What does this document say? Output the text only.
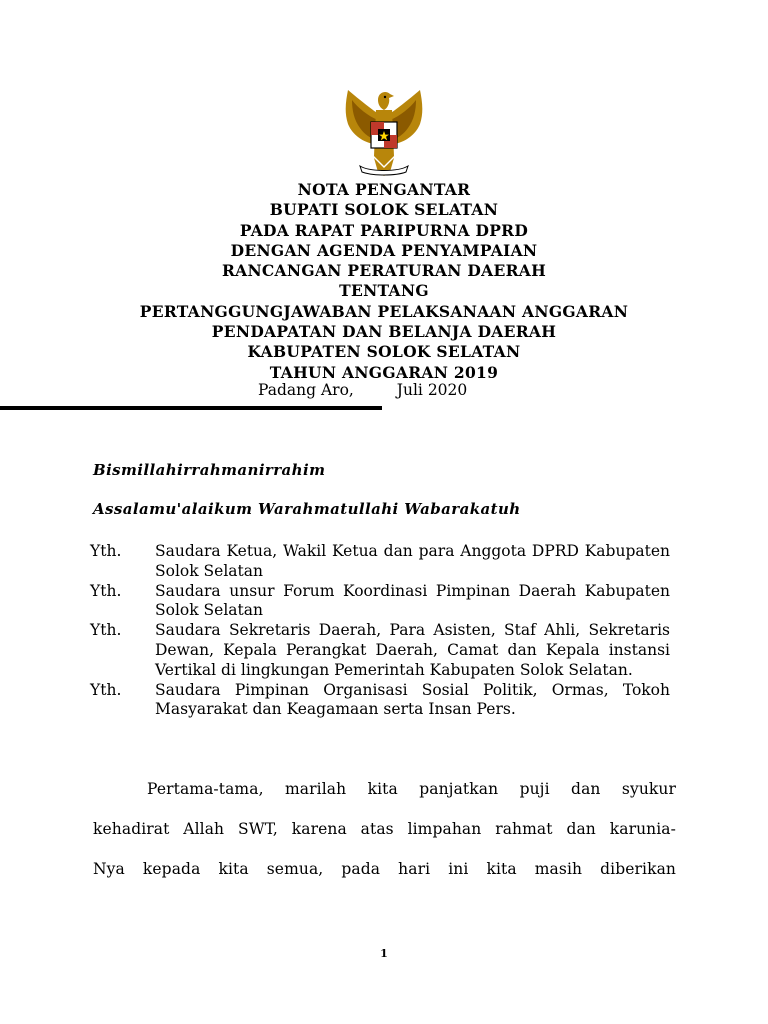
NOTA PENGANTAR
BUPATI SOLOK SELATAN
PADA RAPAT PARIPURNA DPRD
DENGAN AGENDA PENYAMPAIAN
RANCANGAN PERATURAN DAERAH
TENTANG
PERTANGGUNGJAWABAN PELAKSANAAN ANGGARAN
PENDAPATAN DAN BELANJA DAERAH
KABUPATEN SOLOK SELATAN
TAHUN ANGGARAN 2019
Padang Aro,	Juli 2020
Bismillahirrahmanirrahim
Assalamu'alaikum Warahmatullahi Wabarakatuh
Yth.	Saudara Ketua, Wakil Ketua dan para Anggota DPRD Kabupaten Solok Selatan
Yth.	Saudara unsur Forum Koordinasi Pimpinan Daerah Kabupaten Solok Selatan
Yth.	Saudara Sekretaris Daerah, Para Asisten, Staf Ahli, Sekretaris Dewan, Kepala Perangkat Daerah, Camat dan Kepala instansi Vertikal di lingkungan Pemerintah Kabupaten Solok Selatan.
Yth.	Saudara Pimpinan Organisasi Sosial Politik, Ormas, Tokoh Masyarakat dan Keagamaan serta Insan Pers.
Pertama-tama, marilah kita panjatkan puji dan syukur
kehadirat Allah SWT, karena atas limpahan rahmat dan karunia-
Nya kepada kita semua, pada hari ini kita masih diberikan
1
